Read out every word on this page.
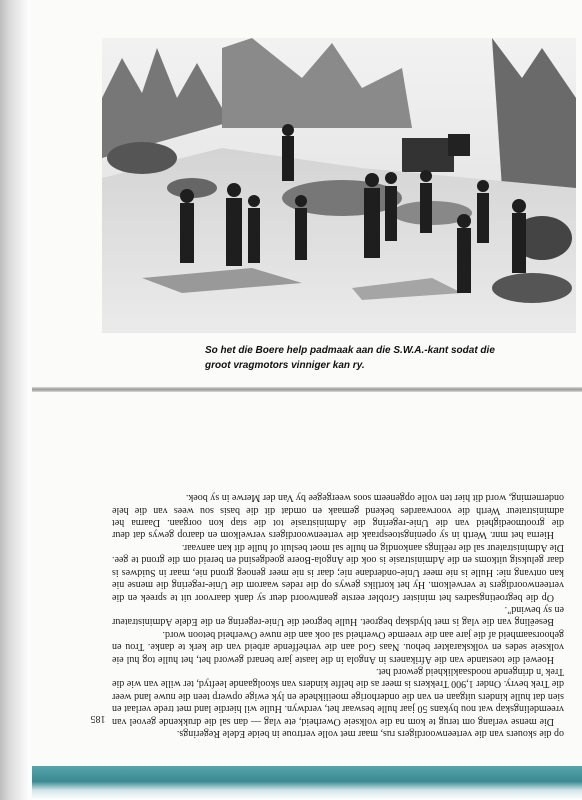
So het die Boere help padmaak aan die S.W.A.-kant sodat die groot vragmotors vinniger kan ry.

op die skouers van die verteenwoordigers rus, maar met volle vertroue in beide Edele Regerings.

Die mense verlang om terug te kom na die volkseie Owerheid, ete vlag — dan sal die drukkende gevoel van vreemdelingskap wat nou bykans 50 jaar hulle beswaar het, verdwyn. Hulle wil hierdie land met trede verlaat en sien dat hulle kinders uitgaan en van die onderhorige moeilikhede en lyk ewige opwerp teen die nuwe land weer die Trek bevry. Onder 1,900 Trekkers is meer as die helfte kinders van skoolgaande leeftyd, ter wille van wie die Trek 'n dringende noodsaaklikheid geword het.

Hoewel die toestande van die Afrikaners in Angola in die laaste jare benard geword het, het hulle tog hul eie volkseie sedes en volkskarakter behou. Naas God aan die verheffende arbeid van die kerk te danke. Trou en gehoorsaamheid af die jare aan die vreemde Owerheid sal ook aan die nuwe Owerheid betoon word.

Beseëling van die vlag is met blydskap begroet. Hulle begroet die Unie-regering en die Edele Administrateur en sy bewind".

Op die begroetingsadres het minister Grobler eerste geantwoord deur sy dank daarvoor uit te spreek en die verteenwoordigers te verwelkom. Hy het kortliks gewys op die redes waarom die Unie-regering die mense nie kan ontvang nie: Hulle is nie meer Unie-onderdane nie; daar is nie meer genoeg grond nie, maar in Suidwes is daar geluksig uitkoms en die Administrasie is ook die Angola-Boere goedgesind en bereid om die grond te gee. Die Administrateur sal die reëlings aankondig en hulle sal moet besluit of hulle dit kan aanvaar.

Hierna het mnr. Werth in sy openingstoespraak die verteenwoordigers verwelkom en daarop gewys dat deur die grootmoedigheid van die Unie-regering die Administrasie tot die stap kon oorgaan. Daarna het administrateur Werth die voorwaardes bekend gemaak en omdat dit die basis sou wees van die hele onderneming, word dit hier ten volle opgeneem soos weergegee by Van der Merwe in sy boek.

185
